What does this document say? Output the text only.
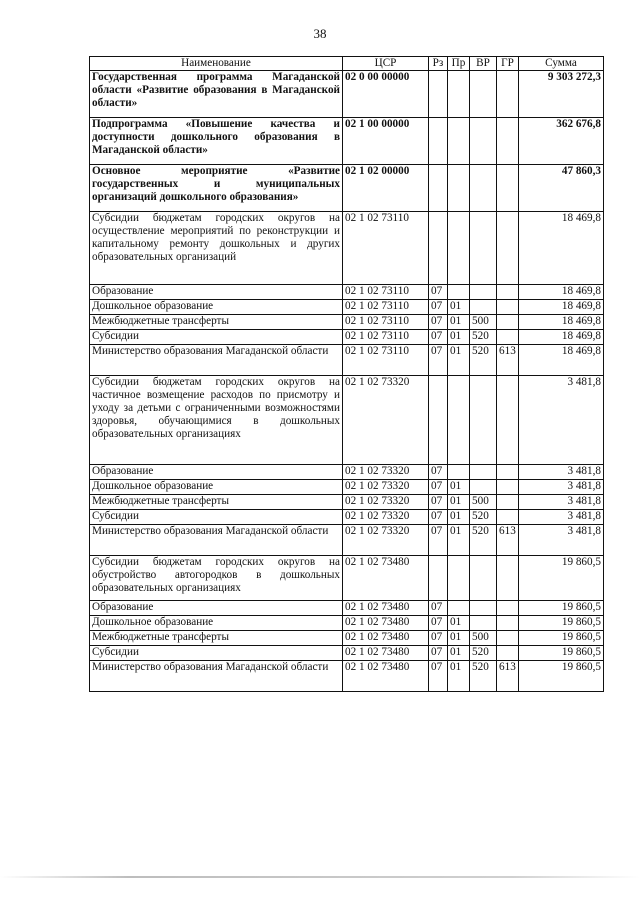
38
Наименование	ЦСР	Рз	Пр	ВР	ГР	Сумма
Государственная программа Магаданской области «Развитие образования в Магаданской области»	02 0 00 00000					9 303 272,3
Подпрограмма «Повышение качества и доступности дошкольного образования в Магаданской области»	02 1 00 00000					362 676,8
Основное мероприятие «Развитие государственных и муниципальных организаций дошкольного образования»	02 1 02 00000					47 860,3
Субсидии бюджетам городских округов на осуществление мероприятий по реконструкции и капитальному ремонту дошкольных и других образовательных организаций	02 1 02 73110					18 469,8
Образование	02 1 02 73110	07				18 469,8
Дошкольное образование	02 1 02 73110	07	01			18 469,8
Межбюджетные трансферты	02 1 02 73110	07	01	500		18 469,8
Субсидии	02 1 02 73110	07	01	520		18 469,8
Министерство образования Магаданской области	02 1 02 73110	07	01	520	613	18 469,8
Субсидии бюджетам городских округов на частичное возмещение расходов по присмотру и уходу за детьми с ограниченными возможностями здоровья, обучающимися в дошкольных образовательных организациях	02 1 02 73320					3 481,8
Образование	02 1 02 73320	07				3 481,8
Дошкольное образование	02 1 02 73320	07	01			3 481,8
Межбюджетные трансферты	02 1 02 73320	07	01	500		3 481,8
Субсидии	02 1 02 73320	07	01	520		3 481,8
Министерство образования Магаданской области	02 1 02 73320	07	01	520	613	3 481,8
Субсидии бюджетам городских округов на обустройство автогородков в дошкольных образовательных организациях	02 1 02 73480					19 860,5
Образование	02 1 02 73480	07				19 860,5
Дошкольное образование	02 1 02 73480	07	01			19 860,5
Межбюджетные трансферты	02 1 02 73480	07	01	500		19 860,5
Субсидии	02 1 02 73480	07	01	520		19 860,5
Министерство образования Магаданской области	02 1 02 73480	07	01	520	613	19 860,5
